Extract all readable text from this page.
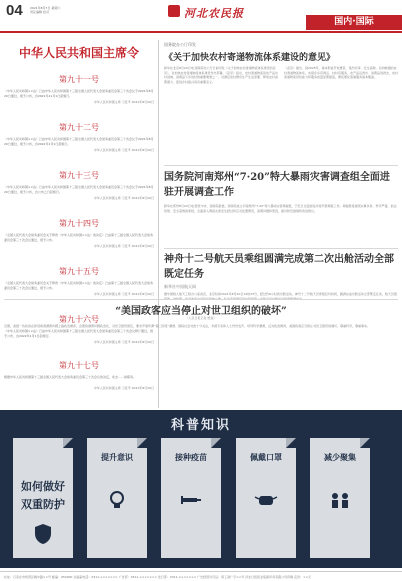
04 2021年8月7日 星期六
责任编辑 校对	河北农民报
国内·国际
中华人民共和国主席令
第九十一号
《中华人民共和国××法》已由中华人民共和国第十三届全国人民代表大会常务委员会第三十次会议于2021年8月20日通过，现予公布，自2021年11月1日起施行。
中华人民共和国主席 习近平 2021年8月20日
第九十二号
《中华人民共和国××法》已由中华人民共和国第十三届全国人民代表大会常务委员会第三十次会议于2021年8月20日通过，现予公布，自2022年1月1日起施行。
中华人民共和国主席 习近平 2021年8月20日
第九十三号
《中华人民共和国××法》已由中华人民共和国第十三届全国人民代表大会常务委员会第三十次会议于2021年8月20日通过，现予公布，自公布之日起施行。
中华人民共和国主席 习近平 2021年8月20日
第九十四号
《全国人民代表大会常务委员会关于修改〈中华人民共和国××法〉的决定》已由第十三届全国人民代表大会常务委员会第三十次会议通过，现予公布。
中华人民共和国主席 习近平 2021年8月20日
第九十五号
《全国人民代表大会常务委员会关于修改〈中华人民共和国××法〉的决定》已由第十三届全国人民代表大会常务委员会第三十次会议通过，现予公布。
中华人民共和国主席 习近平 2021年8月20日
第九十六号
《中华人民共和国××法》已由中华人民共和国第十三届全国人民代表大会常务委员会第三十次会议修订通过，现予公布，自2022年1月1日起施行。
中华人民共和国主席 习近平 2021年8月20日
第九十七号
根据中华人民共和国第十三届全国人民代表大会常务委员会第三十次会议的决定，免去……的职务。
中华人民共和国主席 习近平 2021年8月20日
国务院办公厅印发
《关于加快农村寄递物流体系建设的意见》
新华社北京8月20日电 国务院办公厅日前印发《关于加快农村寄递物流体系建设的意见》，对加快农村寄递物流体系建设作出部署。《意见》指出，农村寄递物流是农产品出村进城、消费品下乡进村的重要渠道之一，对满足农村群众生产生活需要、释放农村消费潜力、促进乡村振兴具有重要意义。
《意见》提出，到2025年，基本形成开放惠民、集约共享、安全高效、双向畅通的农村寄递物流体系，实现乡乡有网点、村村有服务，农产品运得出、消费品进得去，农村寄递物流供给能力和服务质量显著提高，便民惠民寄递服务基本覆盖。
国务院河南郑州“7·20”特大暴雨灾害调查组全面进驻开展调查工作
新华社郑州8月20日电 经党中央、国务院批准，国务院成立河南郑州“7·20”特大暴雨灾害调查组，于近日全面进驻河南开展调查工作。调查组将按照实事求是、科学严谨、依法依规、安全高效的原则，全面深入调查灾害发生经过和应对处置情况，查明问题和原因，提出防范措施和改进建议。
神舟十二号航天员乘组圆满完成第二次出舱活动全部既定任务
新华社中国航天网
据中国载人航天工程办公室消息，北京时间2021年8月20日14时33分，经过约6小时的出舱活动，神舟十二号航天员乘组密切协同，圆满完成出舱活动全部既定任务，航天员聂
“美国政客应当停止对世卫组织的破坏”
（人民日报记者 殷淼）
近期，美国一些政客在新冠病毒溯源问题上搞政治操弄，企图将溯源问题政治化，对世卫组织施压，要求开展所谓“第二阶段”溯源。国际社会对此十分关注，多国专家和人士纷纷发声，呼吁科学溯源，反对政治操弄，美国政客应当停止对世卫组织的破坏，尊重科学，尊重事实。
科普知识
如何做好
双重防护
提升意识	接种疫苗	佩戴口罩	减少聚集
社址：石家庄市桥西区槐中路××号 邮编：050000 总编室电话：0311-××××××× 广告部：0311-××××××× 发行部：0311-××××××× 广告经营许可证：冀工商广字××号 河北日报报业集团印务有限公司印刷 定价：××元
